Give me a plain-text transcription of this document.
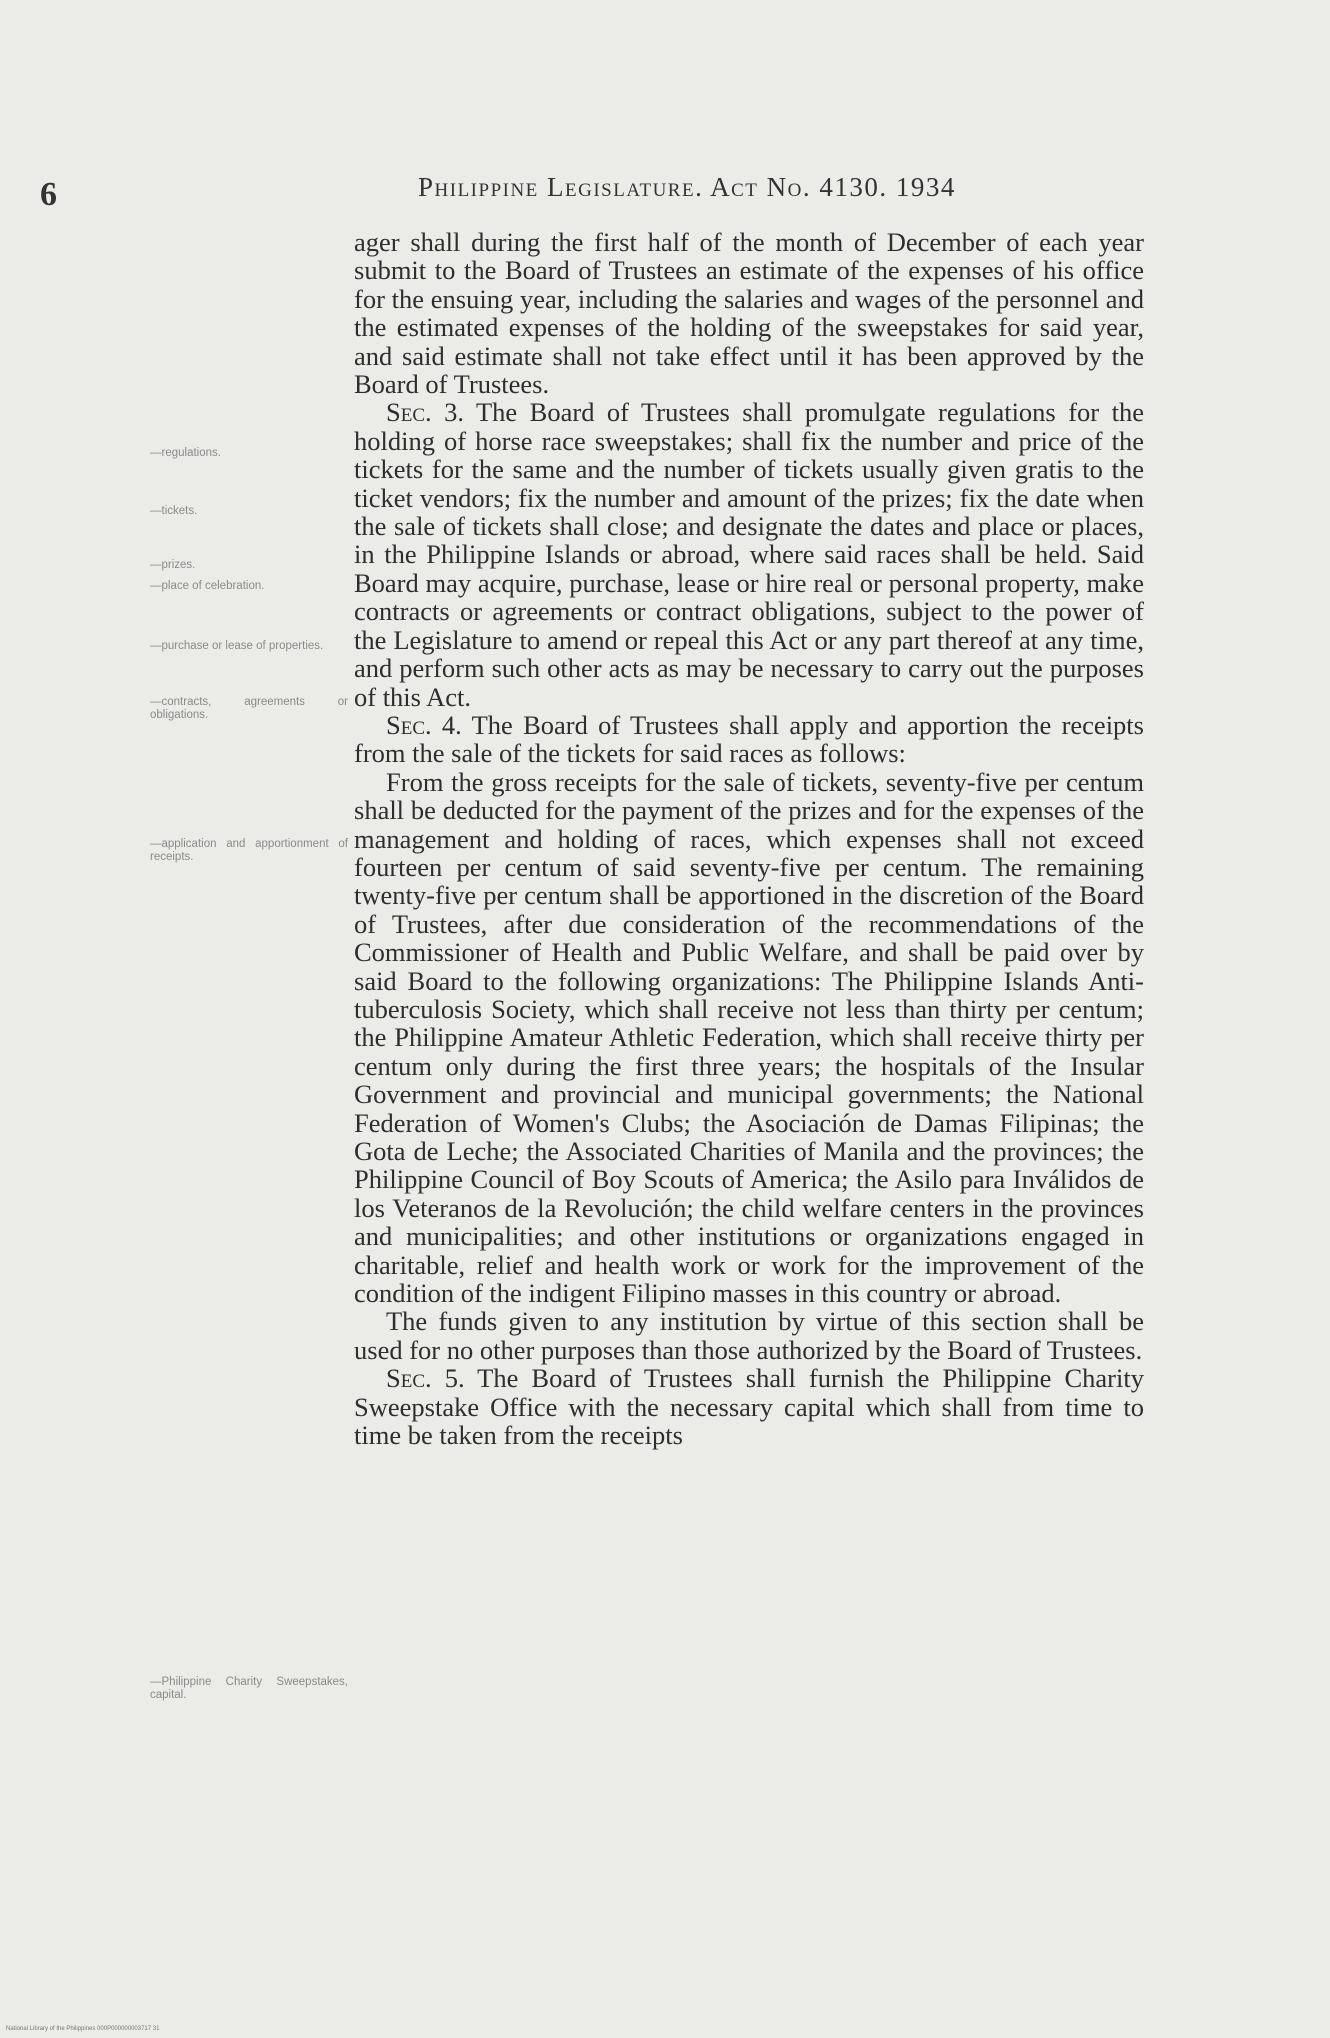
6	Philippine Legislature. Act No. 4130. 1934
—regulations.
—tickets.
—prizes.
—place of celebration.
—purchase or lease of properties.
—contracts, agreements or obligations.
—application and apportionment of receipts.
—Philippine Charity Sweepstakes, capital.

ager shall during the first half of the month of December of each year submit to the Board of Trustees an estimate of the expenses of his office for the ensuing year, including the salaries and wages of the personnel and the estimated expenses of the holding of the sweepstakes for said year, and said estimate shall not take effect until it has been approved by the Board of Trustees.

Sec. 3. The Board of Trustees shall promulgate regulations for the holding of horse race sweepstakes; shall fix the number and price of the tickets for the same and the number of tickets usually given gratis to the ticket vendors; fix the number and amount of the prizes; fix the date when the sale of tickets shall close; and designate the dates and place or places, in the Philippine Islands or abroad, where said races shall be held. Said Board may acquire, purchase, lease or hire real or personal property, make contracts or agreements or contract obligations, subject to the power of the Legislature to amend or repeal this Act or any part thereof at any time, and perform such other acts as may be necessary to carry out the purposes of this Act.

Sec. 4. The Board of Trustees shall apply and apportion the receipts from the sale of the tickets for said races as follows:

From the gross receipts for the sale of tickets, seventy-five per centum shall be deducted for the payment of the prizes and for the expenses of the management and holding of races, which expenses shall not exceed fourteen per centum of said seventy-five per centum. The remaining twenty-five per centum shall be apportioned in the discretion of the Board of Trustees, after due consideration of the recommendations of the Commissioner of Health and Public Welfare, and shall be paid over by said Board to the following organizations: The Philippine Islands Anti-tuberculosis Society, which shall receive not less than thirty per centum; the Philippine Amateur Athletic Federation, which shall receive thirty per centum only during the first three years; the hospitals of the Insular Government and provincial and municipal governments; the National Federation of Women's Clubs; the Asociación de Damas Filipinas; the Gota de Leche; the Associated Charities of Manila and the provinces; the Philippine Council of Boy Scouts of America; the Asilo para Inválidos de los Veteranos de la Revolución; the child welfare centers in the provinces and municipalities; and other institutions or organizations engaged in charitable, relief and health work or work for the improvement of the condition of the indigent Filipino masses in this country or abroad.

The funds given to any institution by virtue of this section shall be used for no other purposes than those authorized by the Board of Trustees.

Sec. 5. The Board of Trustees shall furnish the Philippine Charity Sweepstake Office with the necessary capital which shall from time to time be taken from the receipts

National Library of the Philippines 000P000000003717 31
